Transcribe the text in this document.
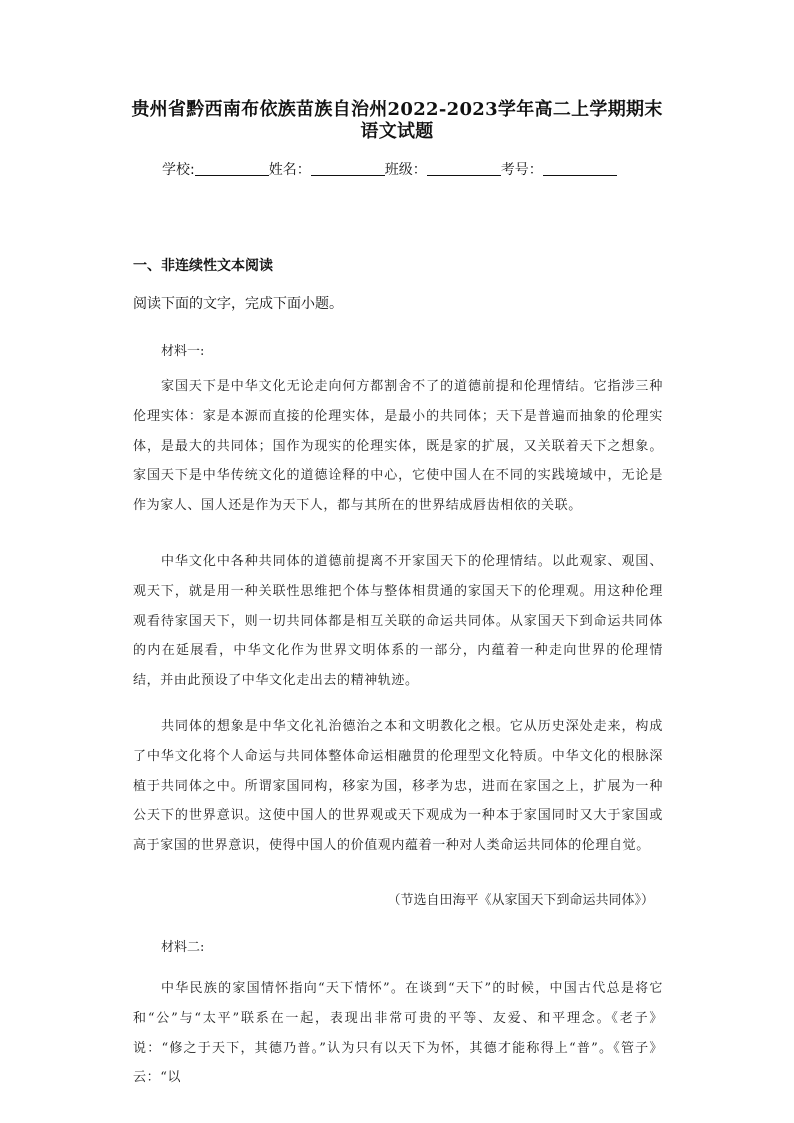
贵州省黔西南布依族苗族自治州2022-2023学年高二上学期期末
语文试题
学校:	姓名：	班级：	考号：
一、非连续性文本阅读
阅读下面的文字，完成下面小题。
材料一:
家国天下是中华文化无论走向何方都割舍不了的道德前提和伦理情结。它指涉三种伦理实体：家是本源而直接的伦理实体，是最小的共同体；天下是普遍而抽象的伦理实体，是最大的共同体；国作为现实的伦理实体，既是家的扩展，又关联着天下之想象。家国天下是中华传统文化的道德诠释的中心，它使中国人在不同的实践境域中，无论是作为家人、国人还是作为天下人，都与其所在的世界结成唇齿相依的关联。
中华文化中各种共同体的道德前提离不开家国天下的伦理情结。以此观家、观国、观天下，就是用一种关联性思维把个体与整体相贯通的家国天下的伦理观。用这种伦理观看待家国天下，则一切共同体都是相互关联的命运共同体。从家国天下到命运共同体的内在延展看，中华文化作为世界文明体系的一部分，内蕴着一种走向世界的伦理情结，并由此预设了中华文化走出去的精神轨迹。
共同体的想象是中华文化礼治德治之本和文明教化之根。它从历史深处走来，构成了中华文化将个人命运与共同体整体命运相融贯的伦理型文化特质。中华文化的根脉深植于共同体之中。所谓家国同构，移家为国，移孝为忠，进而在家国之上，扩展为一种公天下的世界意识。这使中国人的世界观或天下观成为一种本于家国同时又大于家国或高于家国的世界意识，使得中国人的价值观内蕴着一种对人类命运共同体的伦理自觉。
（节选自田海平《从家国天下到命运共同体》）
材料二:
中华民族的家国情怀指向“天下情怀”。在谈到“天下”的时候，中国古代总是将它和“公”与“太平”联系在一起，表现出非常可贵的平等、友爱、和平理念。《老子》说：“修之于天下，其德乃普。”认为只有以天下为怀，其德才能称得上“普”。《管子》云：“以
